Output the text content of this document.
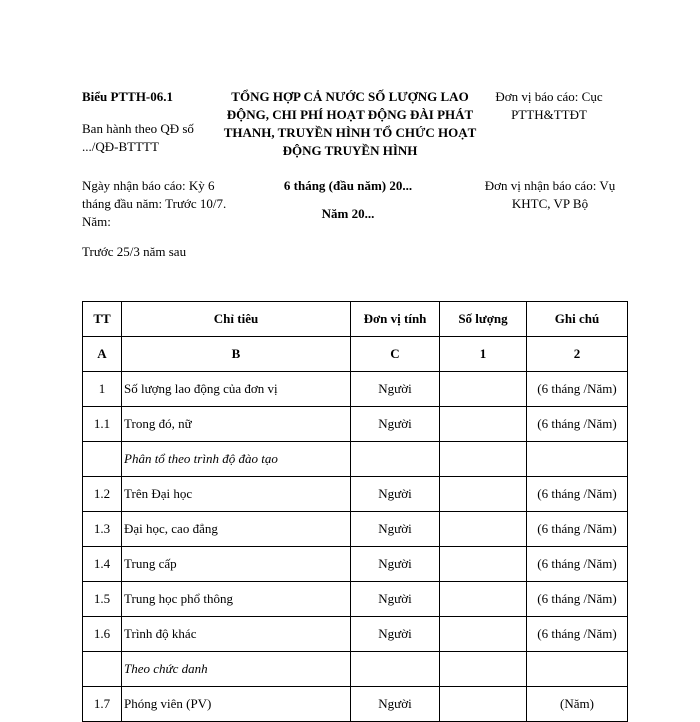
Biểu PTTH-06.1
Ban hành theo QĐ số .../QĐ-BTTTT
TỔNG HỢP CẢ NƯỚC SỐ LƯỢNG LAO ĐỘNG, CHI PHÍ HOẠT ĐỘNG ĐÀI PHÁT THANH, TRUYỀN HÌNH TỔ CHỨC HOẠT ĐỘNG TRUYỀN HÌNH
Đơn vị báo cáo: Cục PTTH&TTĐT
Ngày nhận báo cáo: Kỳ 6 tháng đầu năm: Trước 10/7. Năm:
Trước 25/3 năm sau
6 tháng (đầu năm) 20...
Năm 20...
Đơn vị nhận báo cáo: Vụ KHTC, VP Bộ
TT	Chỉ tiêu	Đơn vị tính	Số lượng	Ghi chú
A	B	C	1	2
1	Số lượng lao động của đơn vị	Người		(6 tháng /Năm)
1.1	Trong đó, nữ	Người		(6 tháng /Năm)
	Phân tổ theo trình độ đào tạo			
1.2	Trên Đại học	Người		(6 tháng /Năm)
1.3	Đại học, cao đẳng	Người		(6 tháng /Năm)
1.4	Trung cấp	Người		(6 tháng /Năm)
1.5	Trung học phổ thông	Người		(6 tháng /Năm)
1.6	Trình độ khác	Người		(6 tháng /Năm)
	Theo chức danh			
1.7	Phóng viên (PV)	Người		(Năm)
